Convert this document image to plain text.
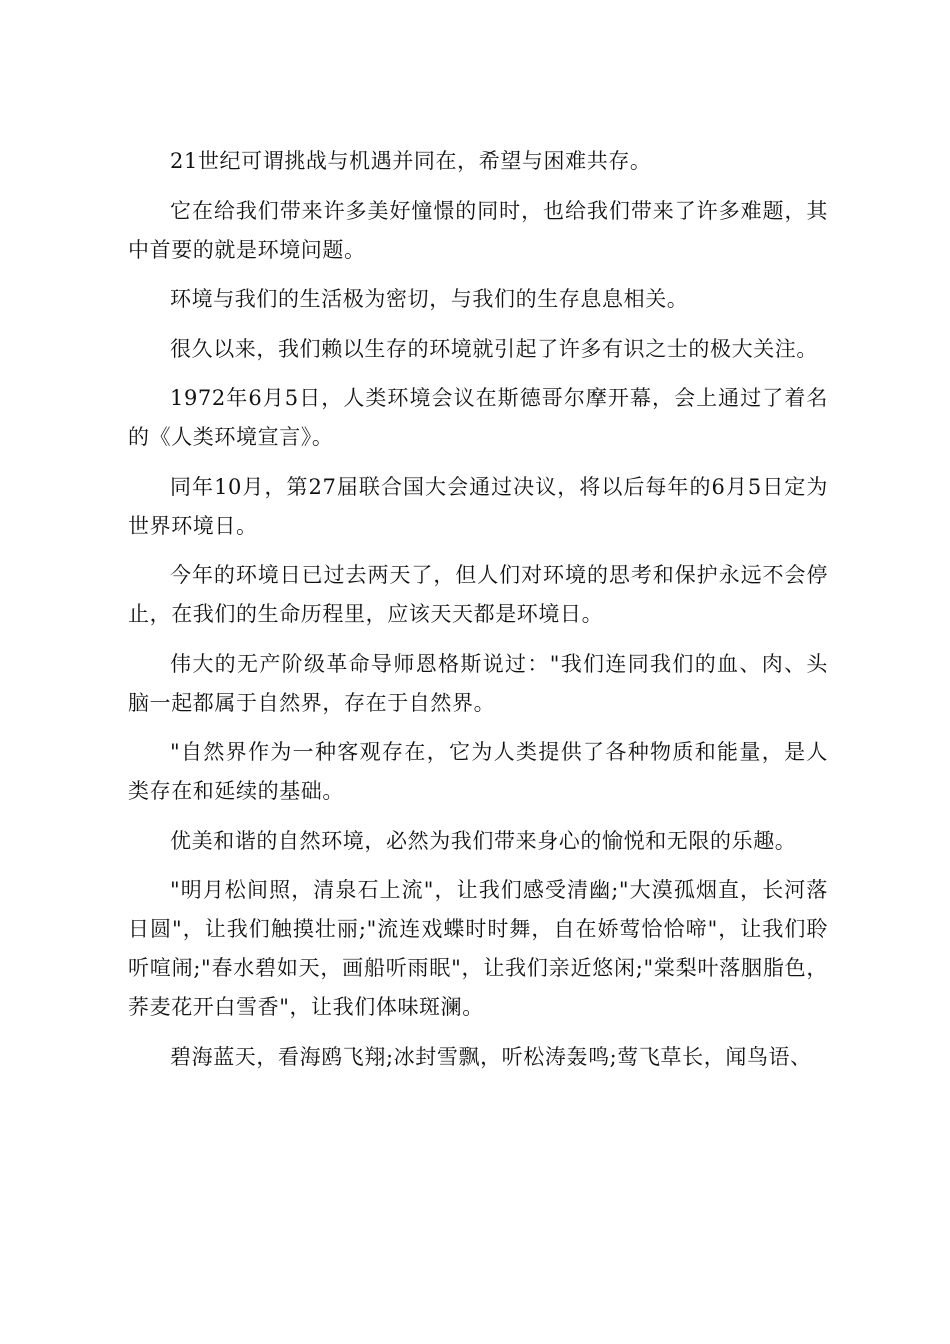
21世纪可谓挑战与机遇并同在，希望与困难共存。

它在给我们带来许多美好憧憬的同时，也给我们带来了许多难题，其中首要的就是环境问题。

环境与我们的生活极为密切，与我们的生存息息相关。

很久以来，我们赖以生存的环境就引起了许多有识之士的极大关注。

1972年6月5日，人类环境会议在斯德哥尔摩开幕，会上通过了着名的《人类环境宣言》。

同年10月，第27届联合国大会通过决议，将以后每年的6月5日定为世界环境日。

今年的环境日已过去两天了，但人们对环境的思考和保护永远不会停止，在我们的生命历程里，应该天天都是环境日。

伟大的无产阶级革命导师恩格斯说过："我们连同我们的血、肉、头脑一起都属于自然界，存在于自然界。

"自然界作为一种客观存在，它为人类提供了各种物质和能量，是人类存在和延续的基础。

优美和谐的自然环境，必然为我们带来身心的愉悦和无限的乐趣。

"明月松间照，清泉石上流"，让我们感受清幽;"大漠孤烟直，长河落日圆"，让我们触摸壮丽;"流连戏蝶时时舞，自在娇莺恰恰啼"，让我们聆听喧闹;"春水碧如天，画船听雨眠"，让我们亲近悠闲;"棠梨叶落胭脂色，荞麦花开白雪香"，让我们体味斑澜。

碧海蓝天，看海鸥飞翔;冰封雪飘，听松涛轰鸣;莺飞草长，闻鸟语、
